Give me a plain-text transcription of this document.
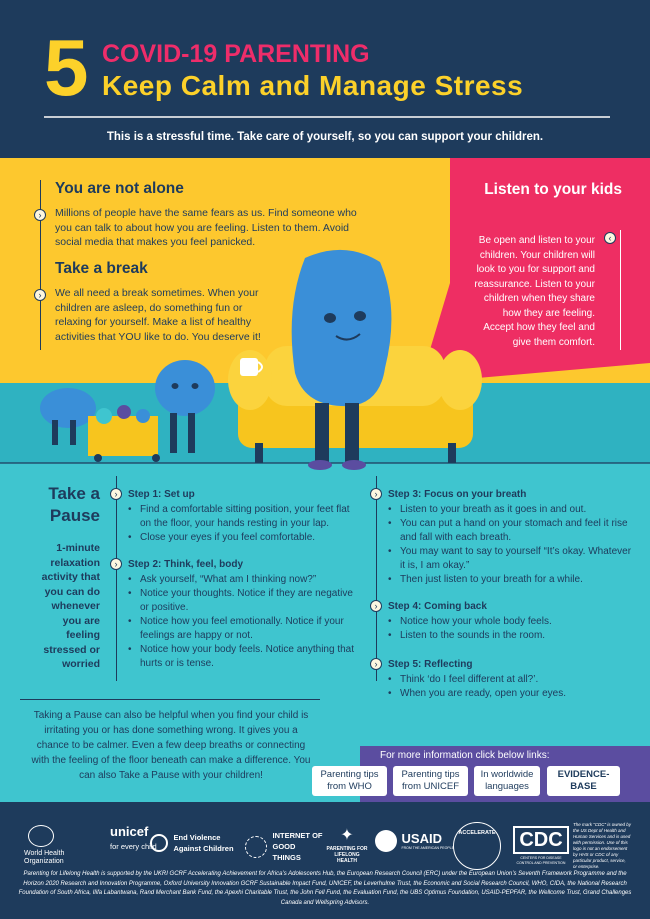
5 COVID-19 PARENTING
Keep Calm and Manage Stress
This is a stressful time. Take care of yourself, so you can support your children.
›
›
You are not alone
Millions of people have the same fears as us. Find someone who you can talk to about how you are feeling. Listen to them. Avoid social media that makes you feel panicked.
Take a break
We all need a break sometimes. When your children are asleep, do something fun or relaxing for yourself. Make a list of healthy activities that YOU like to do. You deserve it!
‹
Listen to your kids
Be open and listen to your children. Your children will look to you for support and reassurance. Listen to your children when they share how they are feeling. Accept how they feel and give them comfort.
Take a Pause
1-minute relaxation activity that you can do whenever you are feeling stressed or worried
›	Step 1: Set up
• Find a comfortable sitting position, your feet flat on the floor, your hands resting in your lap.
• Close your eyes if you feel comfortable.
›	Step 2: Think, feel, body
• Ask yourself, “What am I thinking now?”
• Notice your thoughts. Notice if they are negative or positive.
• Notice how you feel emotionally. Notice if your feelings are happy or not.
• Notice how your body feels. Notice anything that hurts or is tense.
›	Step 3: Focus on your breath
• Listen to your breath as it goes in and out.
• You can put a hand on your stomach and feel it rise and fall with each breath.
• You may want to say to yourself “It’s okay. Whatever it is, I am okay.”
• Then just listen to your breath for a while.
›	Step 4: Coming back
• Notice how your whole body feels.
• Listen to the sounds in the room.
›	Step 5: Reflecting
• Think ‘do I feel different at all?’.
• When you are ready, open your eyes.
Taking a Pause can also be helpful when you find your child is irritating you or has done something wrong. It gives you a chance to be calmer. Even a few deep breaths or connecting with the feeling of the floor beneath can make a difference. You can also Take a Pause with your children!
For more information click below links:
Parenting tips from WHO
Parenting tips from UNICEF
In worldwide languages
EVIDENCE-BASE
World Health Organization
unicef
for every child
End Violence Against Children
INTERNET OF GOOD THINGS
✦
PARENTING FOR LIFELONG HEALTH

USAID
FROM THE AMERICAN PEOPLE
ACCELERATE	CDC
CENTERS FOR DISEASE CONTROL AND PREVENTION
The mark “CDC” is owned by the US Dept of Health and Human Services and is used with permission. Use of this logo is not an endorsement by HHS or CDC of any particular product, service, or enterprise.
Parenting for Lifelong Health is supported by the UKRI GCRF Accelerating Achievement for Africa’s Adolescents Hub, the European Research Council (ERC) under the European Union’s Seventh Framework Programme and the Horizon 2020 Research and Innovation Programme, Oxford University Innovation GCRF Sustainable Impact Fund, UNICEF, the Leverhulme Trust, the Economic and Social Research Council, WHO, CIDA, the National Research Foundation of South Africa, Ilifa Labantwana, Rand Merchant Bank Fund, the Apexhi Charitable Trust, the John Fell Fund, the Evaluation Fund, the UBS Optimus Foundation, USAID-PEPFAR, the Wellcome Trust, Grand Challenges Canada and Wellspring Advisors.
